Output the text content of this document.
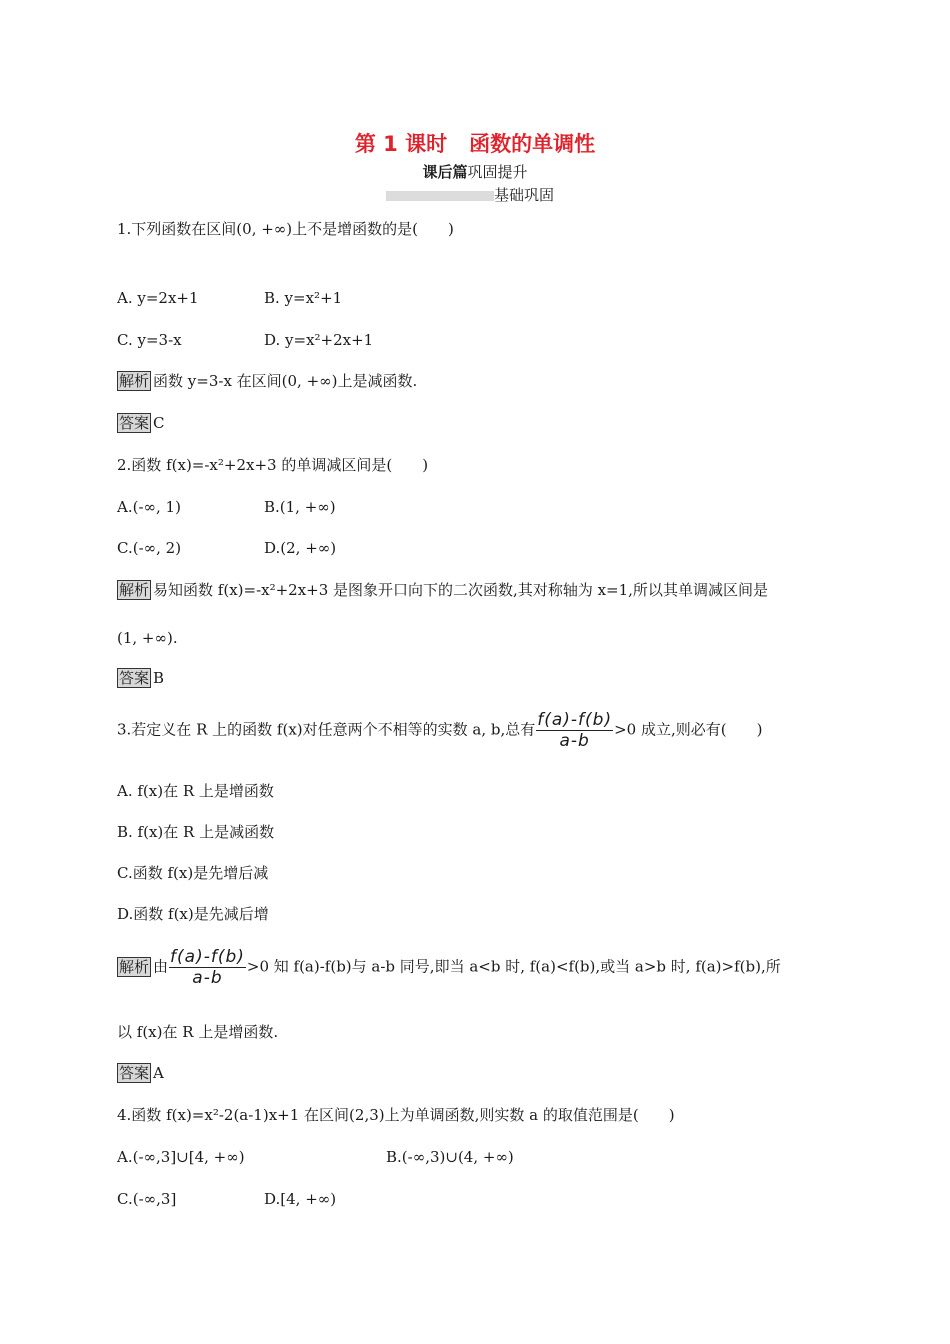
第 1 课时 函数的单调性
课后篇巩固提升
基础巩固
1.下列函数在区间(0, +∞)上不是增函数的是(　　)
A. y=2x+1	B. y=x²+1
C. y=3-x	D. y=x²+2x+1
解析 函数 y=3-x 在区间(0, +∞)上是减函数.
答案 C
2.函数 f(x)=-x²+2x+3 的单调减区间是(　　)
A.(-∞, 1)	B.(1, +∞)
C.(-∞, 2)	D.(2, +∞)
解析 易知函数 f(x)=-x²+2x+3 是图象开口向下的二次函数,其对称轴为 x=1,所以其单调减区间是
(1, +∞).
答案 B
3.若定义在 R 上的函数 f(x)对任意两个不相等的实数 a, b,总有 $\frac{f(a)-f(b)}{a-b} >0$ 成立,则必有(　　)
A. f(x)在 R 上是增函数
B. f(x)在 R 上是减函数
C.函数 f(x)是先增后减
D.函数 f(x)是先减后增
解析 由 $\frac{f(a)-f(b)}{a-b} >0$ 知 f(a)-f(b)与 a-b 同号,即当 a<b 时, f(a)<f(b),或当 a>b 时, f(a)>f(b),所
以 f(x)在 R 上是增函数.
答案 A
4.函数 f(x)=x²-2(a-1)x+1 在区间(2,3)上为单调函数,则实数 a 的取值范围是(　　)
A.(-∞,3]∪[4, +∞)	B.(-∞,3)∪(4, +∞)
C.(-∞,3]	D.[4, +∞)
